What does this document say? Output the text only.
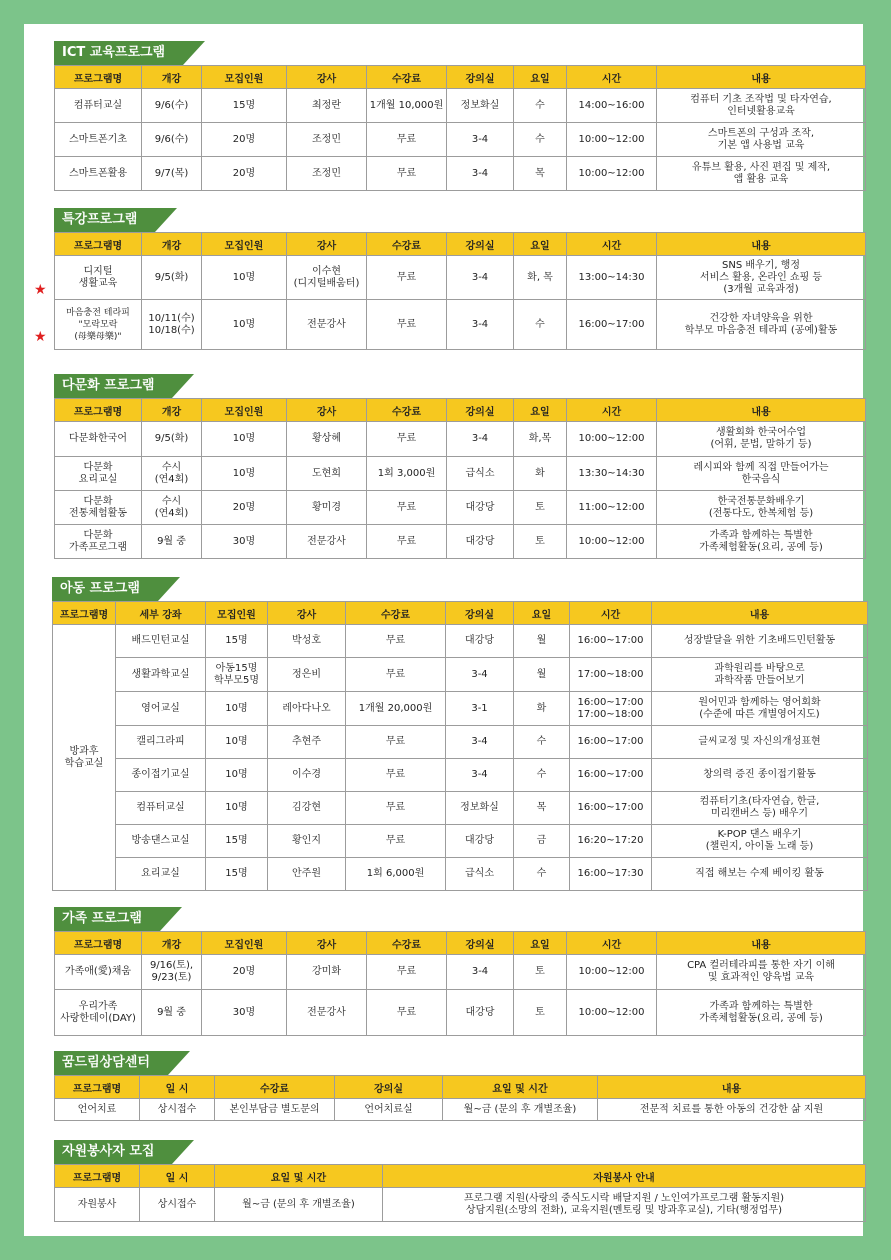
ICT 교육프로그램
프로그램명	개강	모집인원	강사	수강료	강의실	요일	시간	내용
컴퓨터교실	9/6(수)	15명	최정란	1개월 10,000원	정보화실	수	14:00~16:00	컴퓨터 기초 조작법 및 타자연습,
인터넷활용교육
스마트폰기초	9/6(수)	20명	조정민	무료	3-4	수	10:00~12:00	스마트폰의 구성과 조작,
기본 앱 사용법 교육
스마트폰활용	9/7(목)	20명	조정민	무료	3-4	목	10:00~12:00	유튜브 활용, 사진 편집 및 제작,
앱 활용 교육
특강프로그램
★
★
프로그램명	개강	모집인원	강사	수강료	강의실	요일	시간	내용
디지털
생활교육	9/5(화)	10명	이수현
(디지털배움터)	무료	3-4	화, 목	13:00~14:30	SNS 배우기, 행정
서비스 활용, 온라인 쇼핑 등
(3개월 교육과정)
마음충전 테라피
"모락모락
(母樂母樂)"	10/11(수)
10/18(수)	10명	전문강사	무료	3-4	수	16:00~17:00	건강한 자녀양육을 위한
학부모 마음충전 테라피 (공예)활동
다문화 프로그램
프로그램명	개강	모집인원	강사	수강료	강의실	요일	시간	내용
다문화한국어	9/5(화)	10명	황상혜	무료	3-4	화,목	10:00~12:00	생활회화 한국어수업
(어휘, 문법, 말하기 등)
다문화
요리교실	수시
(연4회)	10명	도현희	1회 3,000원	급식소	화	13:30~14:30	레시피와 함께 직접 만들어가는
한국음식
다문화
전통체험활동	수시
(연4회)	20명	황미경	무료	대강당	토	11:00~12:00	한국전통문화배우기
(전통다도, 한복체험 등)
다문화
가족프로그램	9월 중	30명	전문강사	무료	대강당	토	10:00~12:00	가족과 함께하는 특별한
가족체험활동(요리, 공예 등)
아동 프로그램
프로그램명	세부 강좌	모집인원	강사	수강료	강의실	요일	시간	내용
방과후
학습교실	배드민턴교실	15명	박성호	무료	대강당	월	16:00~17:00	성장발달을 위한 기초배드민턴활동
	생활과학교실	아동15명
학부모5명	정은비	무료	3-4	월	17:00~18:00	과학원리를 바탕으로
과학작품 만들어보기
	영어교실	10명	레아다나오	1개월 20,000원	3-1	화	16:00~17:00
17:00~18:00	원어민과 함께하는 영어회화
(수준에 따른 개별영어지도)
	캘리그라피	10명	추현주	무료	3-4	수	16:00~17:00	글씨교정 및 자신의개성표현
	종이접기교실	10명	이수경	무료	3-4	수	16:00~17:00	창의력 증진 종이접기활동
	컴퓨터교실	10명	김강현	무료	정보화실	목	16:00~17:00	컴퓨터기초(타자연습, 한글,
미리캔버스 등) 배우기
	방송댄스교실	15명	황인지	무료	대강당	금	16:20~17:20	K-POP 댄스 배우기
(챌린지, 아이돌 노래 등)
	요리교실	15명	안주원	1회 6,000원	급식소	수	16:00~17:30	직접 해보는 수제 베이킹 활동
가족 프로그램
프로그램명	개강	모집인원	강사	수강료	강의실	요일	시간	내용
가족애(愛)채움	9/16(토),
9/23(토)	20명	강미화	무료	3-4	토	10:00~12:00	CPA 컬러테라피를 통한 자기 이해
및 효과적인 양육법 교육
우리가족
사랑한데이(DAY)	9월 중	30명	전문강사	무료	대강당	토	10:00~12:00	가족과 함께하는 특별한
가족체험활동(요리, 공예 등)
꿈드림상담센터
프로그램명	일 시	수강료	강의실	요일 및 시간	내용
언어치료	상시접수	본인부담금 별도문의	언어치료실	월~금 (문의 후 개별조율)	전문적 치료를 통한 아동의 건강한 삶 지원
자원봉사자 모집
프로그램명	일 시	요일 및 시간	자원봉사 안내
자원봉사	상시접수	월~금 (문의 후 개별조율)	프로그램 지원(사랑의 중식도시락 배달지원 / 노인여가프로그램 활동지원)
상담지원(소망의 전화), 교육지원(멘토링 및 방과후교실), 기타(행정업무)
